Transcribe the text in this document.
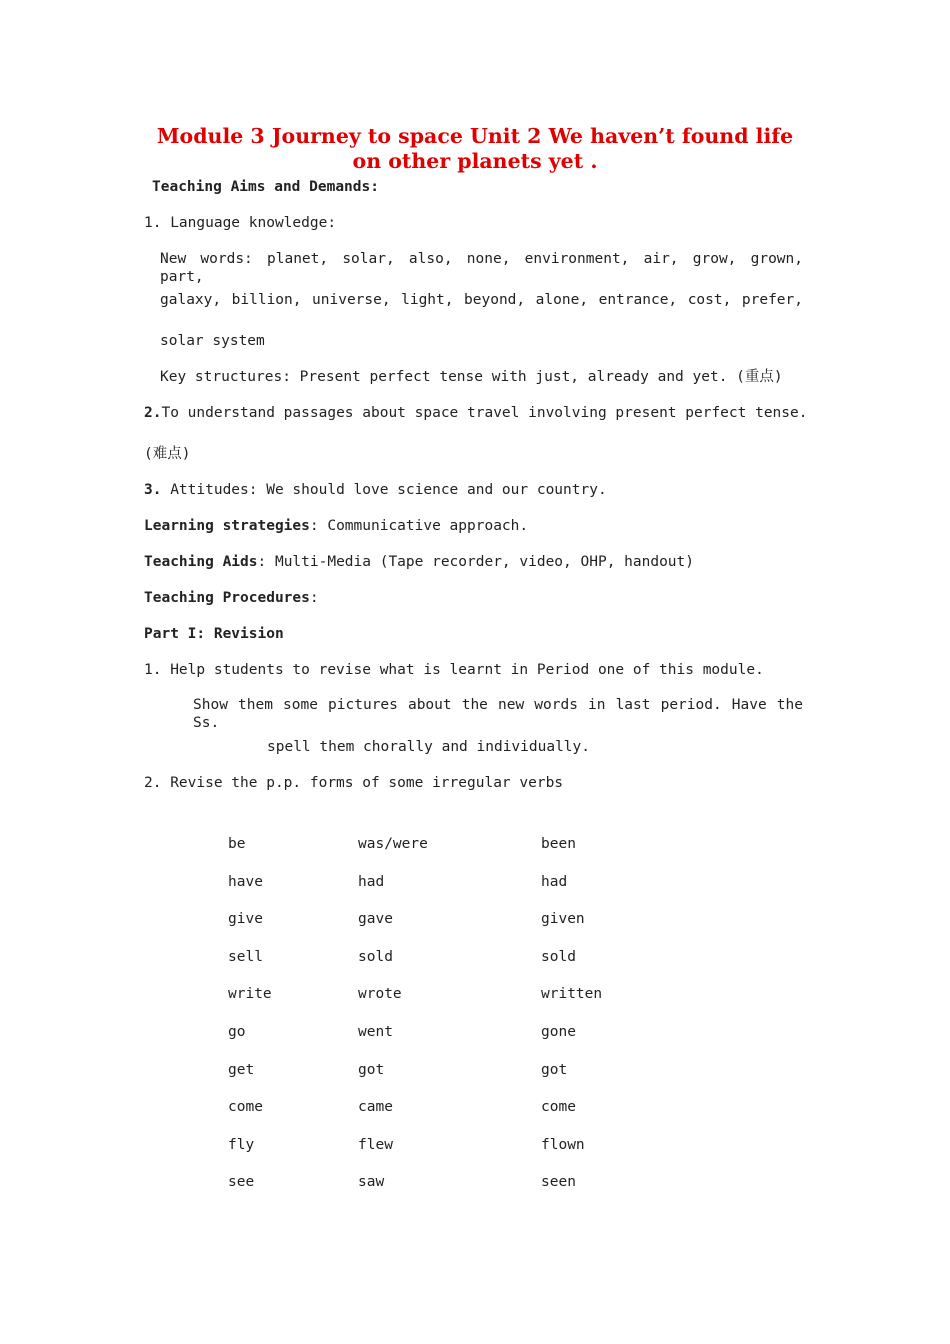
Module 3 Journey to space Unit 2 We haven’t found life on other planets yet .
Teaching Aims and Demands:
1. Language knowledge:
New words: planet, solar, also, none, environment, air, grow, grown, part,
galaxy, billion, universe, light, beyond, alone, entrance, cost, prefer,
solar system
Key structures: Present perfect tense with just, already and yet. (重点)
2.To understand passages about space travel involving present perfect tense.
(难点)
3. Attitudes: We should love science and our country.
Learning strategies: Communicative approach.
Teaching Aids: Multi-Media (Tape recorder, video, OHP, handout)
Teaching Procedures:
Part I: Revision
1. Help students to revise what is learnt in Period one of this module.
Show them some pictures about the new words in last period. Have the Ss.
spell them chorally and individually.
2. Revise the p.p. forms of some irregular verbs
be	was/were	been
have	had	had
give	gave	given
sell	sold	sold
write	wrote	written
go	went	gone
get	got	got
come	came	come
fly	flew	flown
see	saw	seen
